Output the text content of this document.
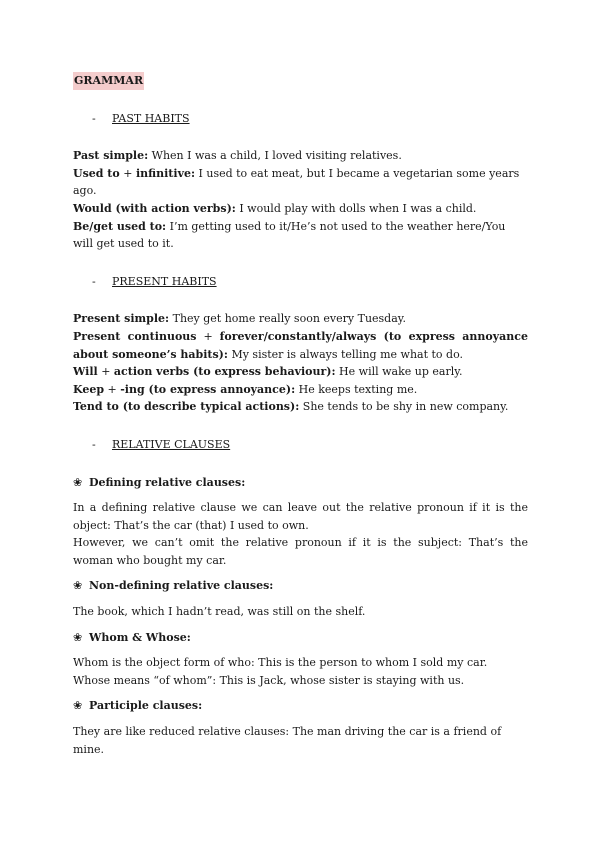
GRAMMAR
-	PAST HABITS

Past simple: When I was a child, I loved visiting relatives.

Used to + infinitive: I used to eat meat, but I became a vegetarian some years ago.

Would (with action verbs): I would play with dolls when I was a child.

Be/get used to: I’m getting used to it/He’s not used to the weather here/You will get used to it.

-	PRESENT HABITS

Present simple: They get home really soon every Tuesday.

Present continuous + forever/constantly/always (to express annoyance about someone’s habits): My sister is always telling me what to do.

Will + action verbs (to express behaviour): He will wake up early.

Keep + -ing (to express annoyance): He keeps texting me.

Tend to (to describe typical actions): She tends to be shy in new company.

-	RELATIVE CLAUSES
❀ Defining relative clauses:

In a defining relative clause we can leave out the relative pronoun if it is the object: That’s the car (that) I used to own.
However, we can’t omit the relative pronoun if it is the subject: That’s the woman who bought my car.

❀ Non-defining relative clauses:

The book, which I hadn’t read, was still on the shelf.

❀ Whom & Whose:

Whom is the object form of who: This is the person to whom I sold my car.
Whose means “of whom”: This is Jack, whose sister is staying with us.

❀ Participle clauses:

They are like reduced relative clauses: The man driving the car is a friend of mine.
